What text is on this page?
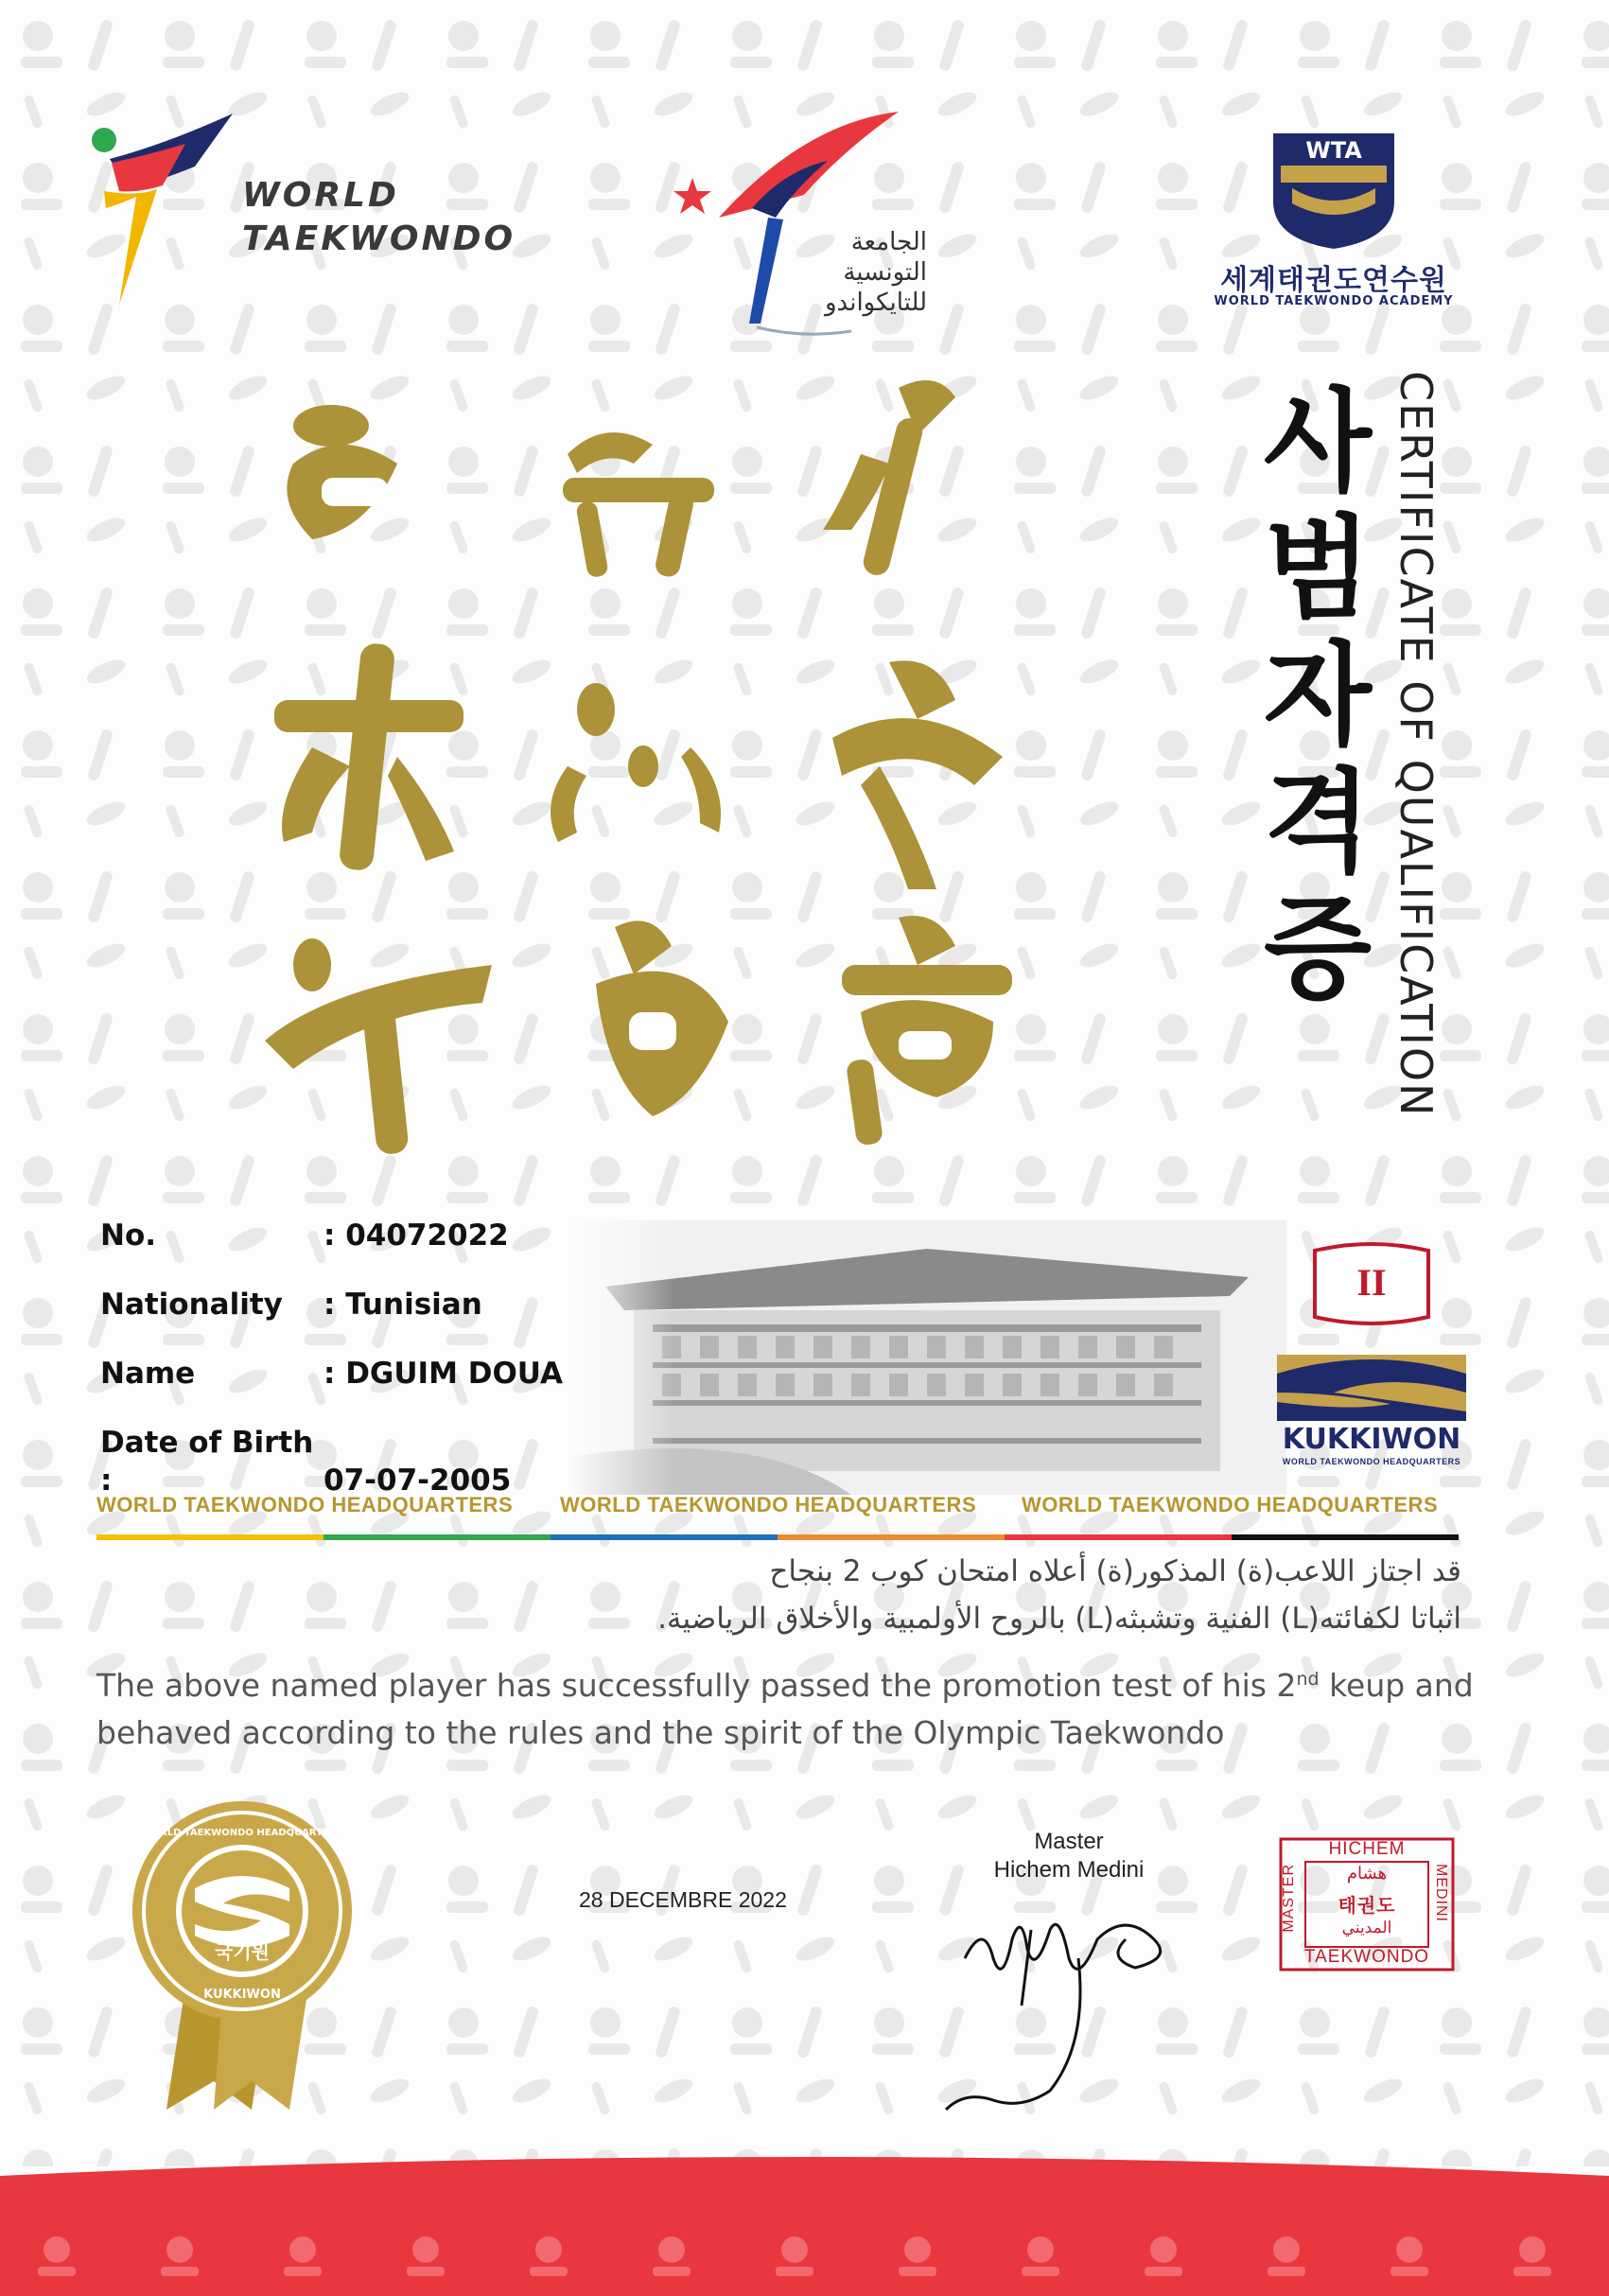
WORLD
TAEKWONDO	الجامعة
التونسية
للتايكواندو
WTA
세계태권도연수원
WORLD TAEKWONDO ACADEMY
사
범
자
격
증 CERTIFICATE OF QUALIFICATION
No.	: 04072022
Nationality : Tunisian
Name	: DGUIM DOUA
Date of Birth :	07-07-2005
II
KUKKIWON
WORLD TAEKWONDO HEADQUARTERS
WORLD TAEKWONDO HEADQUARTERS WORLD TAEKWONDO HEADQUARTERS WORLD TAEKWONDO HEADQUARTERS
قد اجتاز اللاعب(ة) المذكور(ة) أعلاه امتحان كوب 2 بنجاح
اثباتا لكفائته(L) الفنية وتشبثه(L) بالروح الأولمبية والأخلاق الرياضية.
The above named player has successfully passed the promotion test of his 2nd keup and behaved according to the rules and the spirit of the Olympic Taekwondo
국기원
WORLD TAEKWONDO HEADQUARTERS
KUKKIWON
28 DECEMBRE 2022
Master
Hichem Medini
HICHEM
TAEKWONDO
MASTER	MEDINI
هشام
태권도
المديني
